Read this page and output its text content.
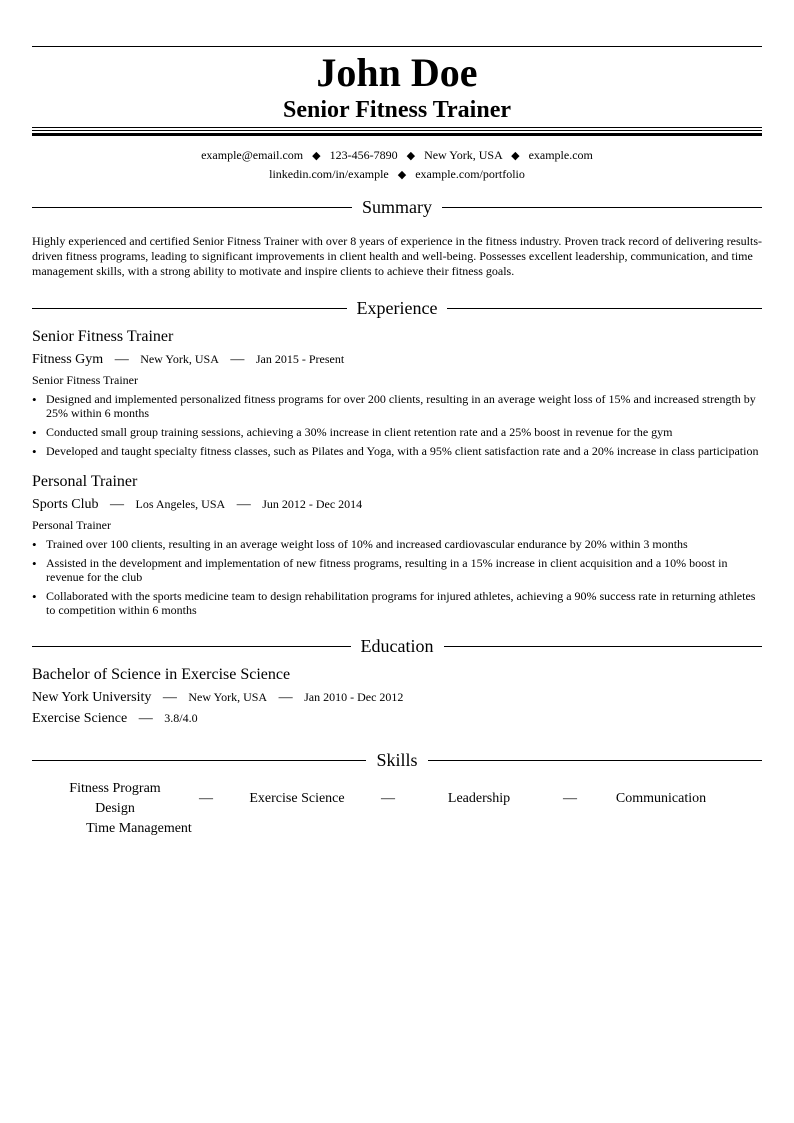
John Doe
Senior Fitness Trainer
example@email.com ◆ 123-456-7890 ◆ New York, USA ◆ example.com
linkedin.com/in/example ◆ example.com/portfolio
Summary
Highly experienced and certified Senior Fitness Trainer with over 8 years of experience in the fitness industry. Proven track record of delivering results-driven fitness programs, leading to significant improvements in client health and well-being. Possesses excellent leadership, communication, and time management skills, with a strong ability to motivate and inspire clients to achieve their fitness goals.
Experience
Senior Fitness Trainer
Fitness Gym — New York, USA — Jan 2015 - Present
Senior Fitness Trainer
• Designed and implemented personalized fitness programs for over 200 clients, resulting in an average weight loss of 15% and increased strength by 25% within 6 months
• Conducted small group training sessions, achieving a 30% increase in client retention rate and a 25% boost in revenue for the gym
• Developed and taught specialty fitness classes, such as Pilates and Yoga, with a 95% client satisfaction rate and a 20% increase in class participation
Personal Trainer
Sports Club — Los Angeles, USA — Jun 2012 - Dec 2014
Personal Trainer
• Trained over 100 clients, resulting in an average weight loss of 10% and increased cardiovascular endurance by 20% within 3 months
• Assisted in the development and implementation of new fitness programs, resulting in a 15% increase in client acquisition and a 10% boost in revenue for the club
• Collaborated with the sports medicine team to design rehabilitation programs for injured athletes, achieving a 90% success rate in returning athletes to competition within 6 months
Education
Bachelor of Science in Exercise Science
New York University — New York, USA — Jan 2010 - Dec 2012
Exercise Science — 3.8/4.0
Skills
Fitness Program Design
—	Exercise Science	—	Leadership	—	Communication
Time Management
